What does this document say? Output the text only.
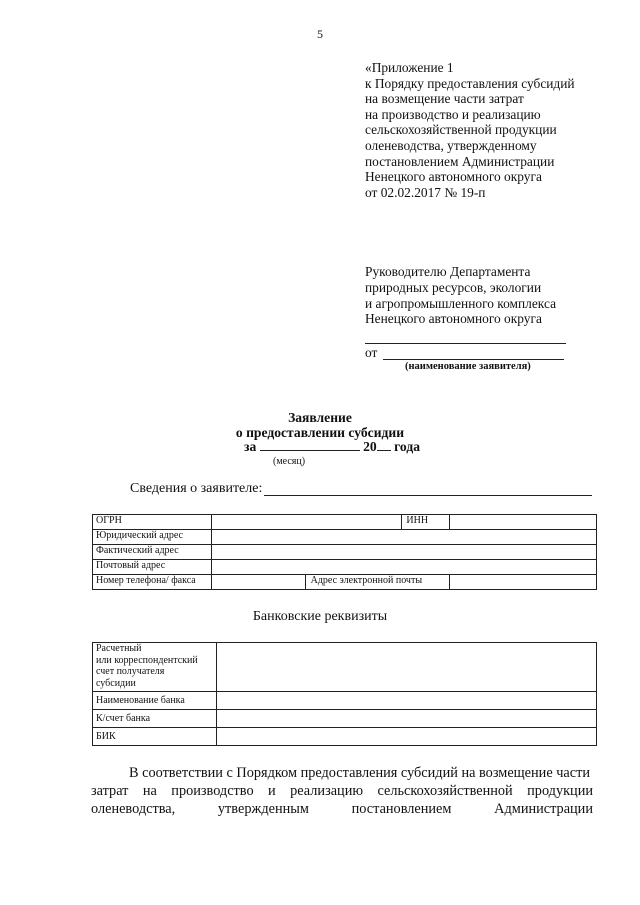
5
«Приложение 1
к Порядку предоставления субсидий
на возмещение части затрат
на производство и реализацию
сельскохозяйственной продукции
оленеводства, утвержденному
постановлением Администрации
Ненецкого автономного округа
от 02.02.2017 № 19-п
Руководителю Департамента
природных ресурсов, экологии
и агропромышленного комплекса
Ненецкого автономного округа
от
(наименование заявителя)
Заявление
о предоставлении субсидии
за	20 года
(месяц)
Сведения о заявителе:
ОГРН			ИНН	
Юридический адрес				
Фактический адрес				
Почтовый адрес				
Номер телефона/ факса		Адрес электронной почты		
Банковские реквизиты
Расчетный
или корреспондентский
счет получателя
субсидии	

Наименование банка	
К/счет банка	
БИК	
В соответствии с Порядком предоставления субсидий на возмещение части
затрат на производство и реализацию сельскохозяйственной продукции
оленеводства,	утвержденным	постановлением	Администрации
